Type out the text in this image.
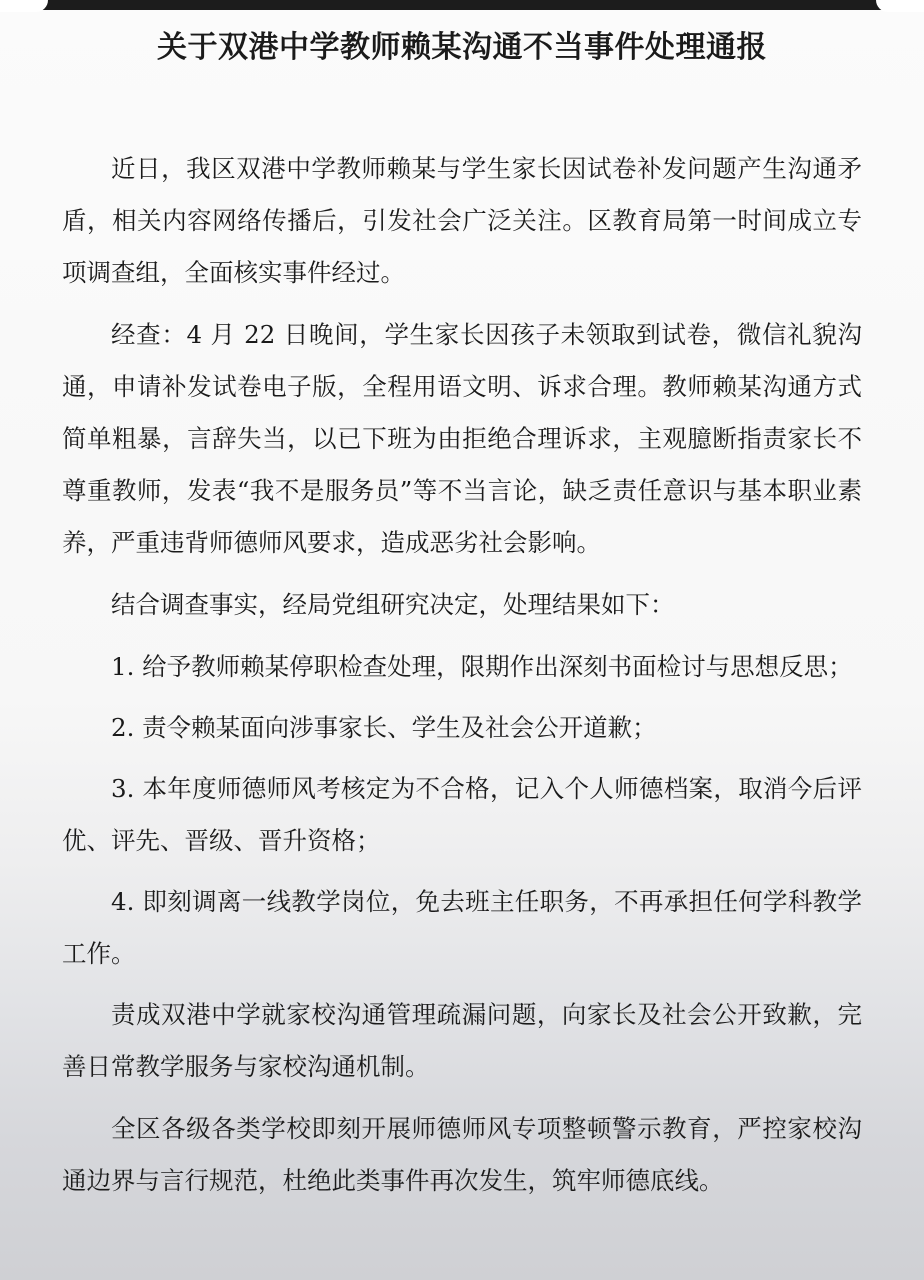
关于双港中学教师赖某沟通不当事件处理通报

近日，我区双港中学教师赖某与学生家长因试卷补发问题产生沟通矛盾，相关内容网络传播后，引发社会广泛关注。区教育局第一时间成立专项调查组，全面核实事件经过。

经查：4 月 22 日晚间，学生家长因孩子未领取到试卷，微信礼貌沟通，申请补发试卷电子版，全程用语文明、诉求合理。教师赖某沟通方式简单粗暴，言辞失当，以已下班为由拒绝合理诉求，主观臆断指责家长不尊重教师，发表“我不是服务员”等不当言论，缺乏责任意识与基本职业素养，严重违背师德师风要求，造成恶劣社会影响。

结合调查事实，经局党组研究决定，处理结果如下：

1. 给予教师赖某停职检查处理，限期作出深刻书面检讨与思想反思；

2. 责令赖某面向涉事家长、学生及社会公开道歉；

3. 本年度师德师风考核定为不合格，记入个人师德档案，取消今后评优、评先、晋级、晋升资格；

4. 即刻调离一线教学岗位，免去班主任职务，不再承担任何学科教学工作。

责成双港中学就家校沟通管理疏漏问题，向家长及社会公开致歉，完善日常教学服务与家校沟通机制。

全区各级各类学校即刻开展师德师风专项整顿警示教育，严控家校沟通边界与言行规范，杜绝此类事件再次发生，筑牢师德底线。
